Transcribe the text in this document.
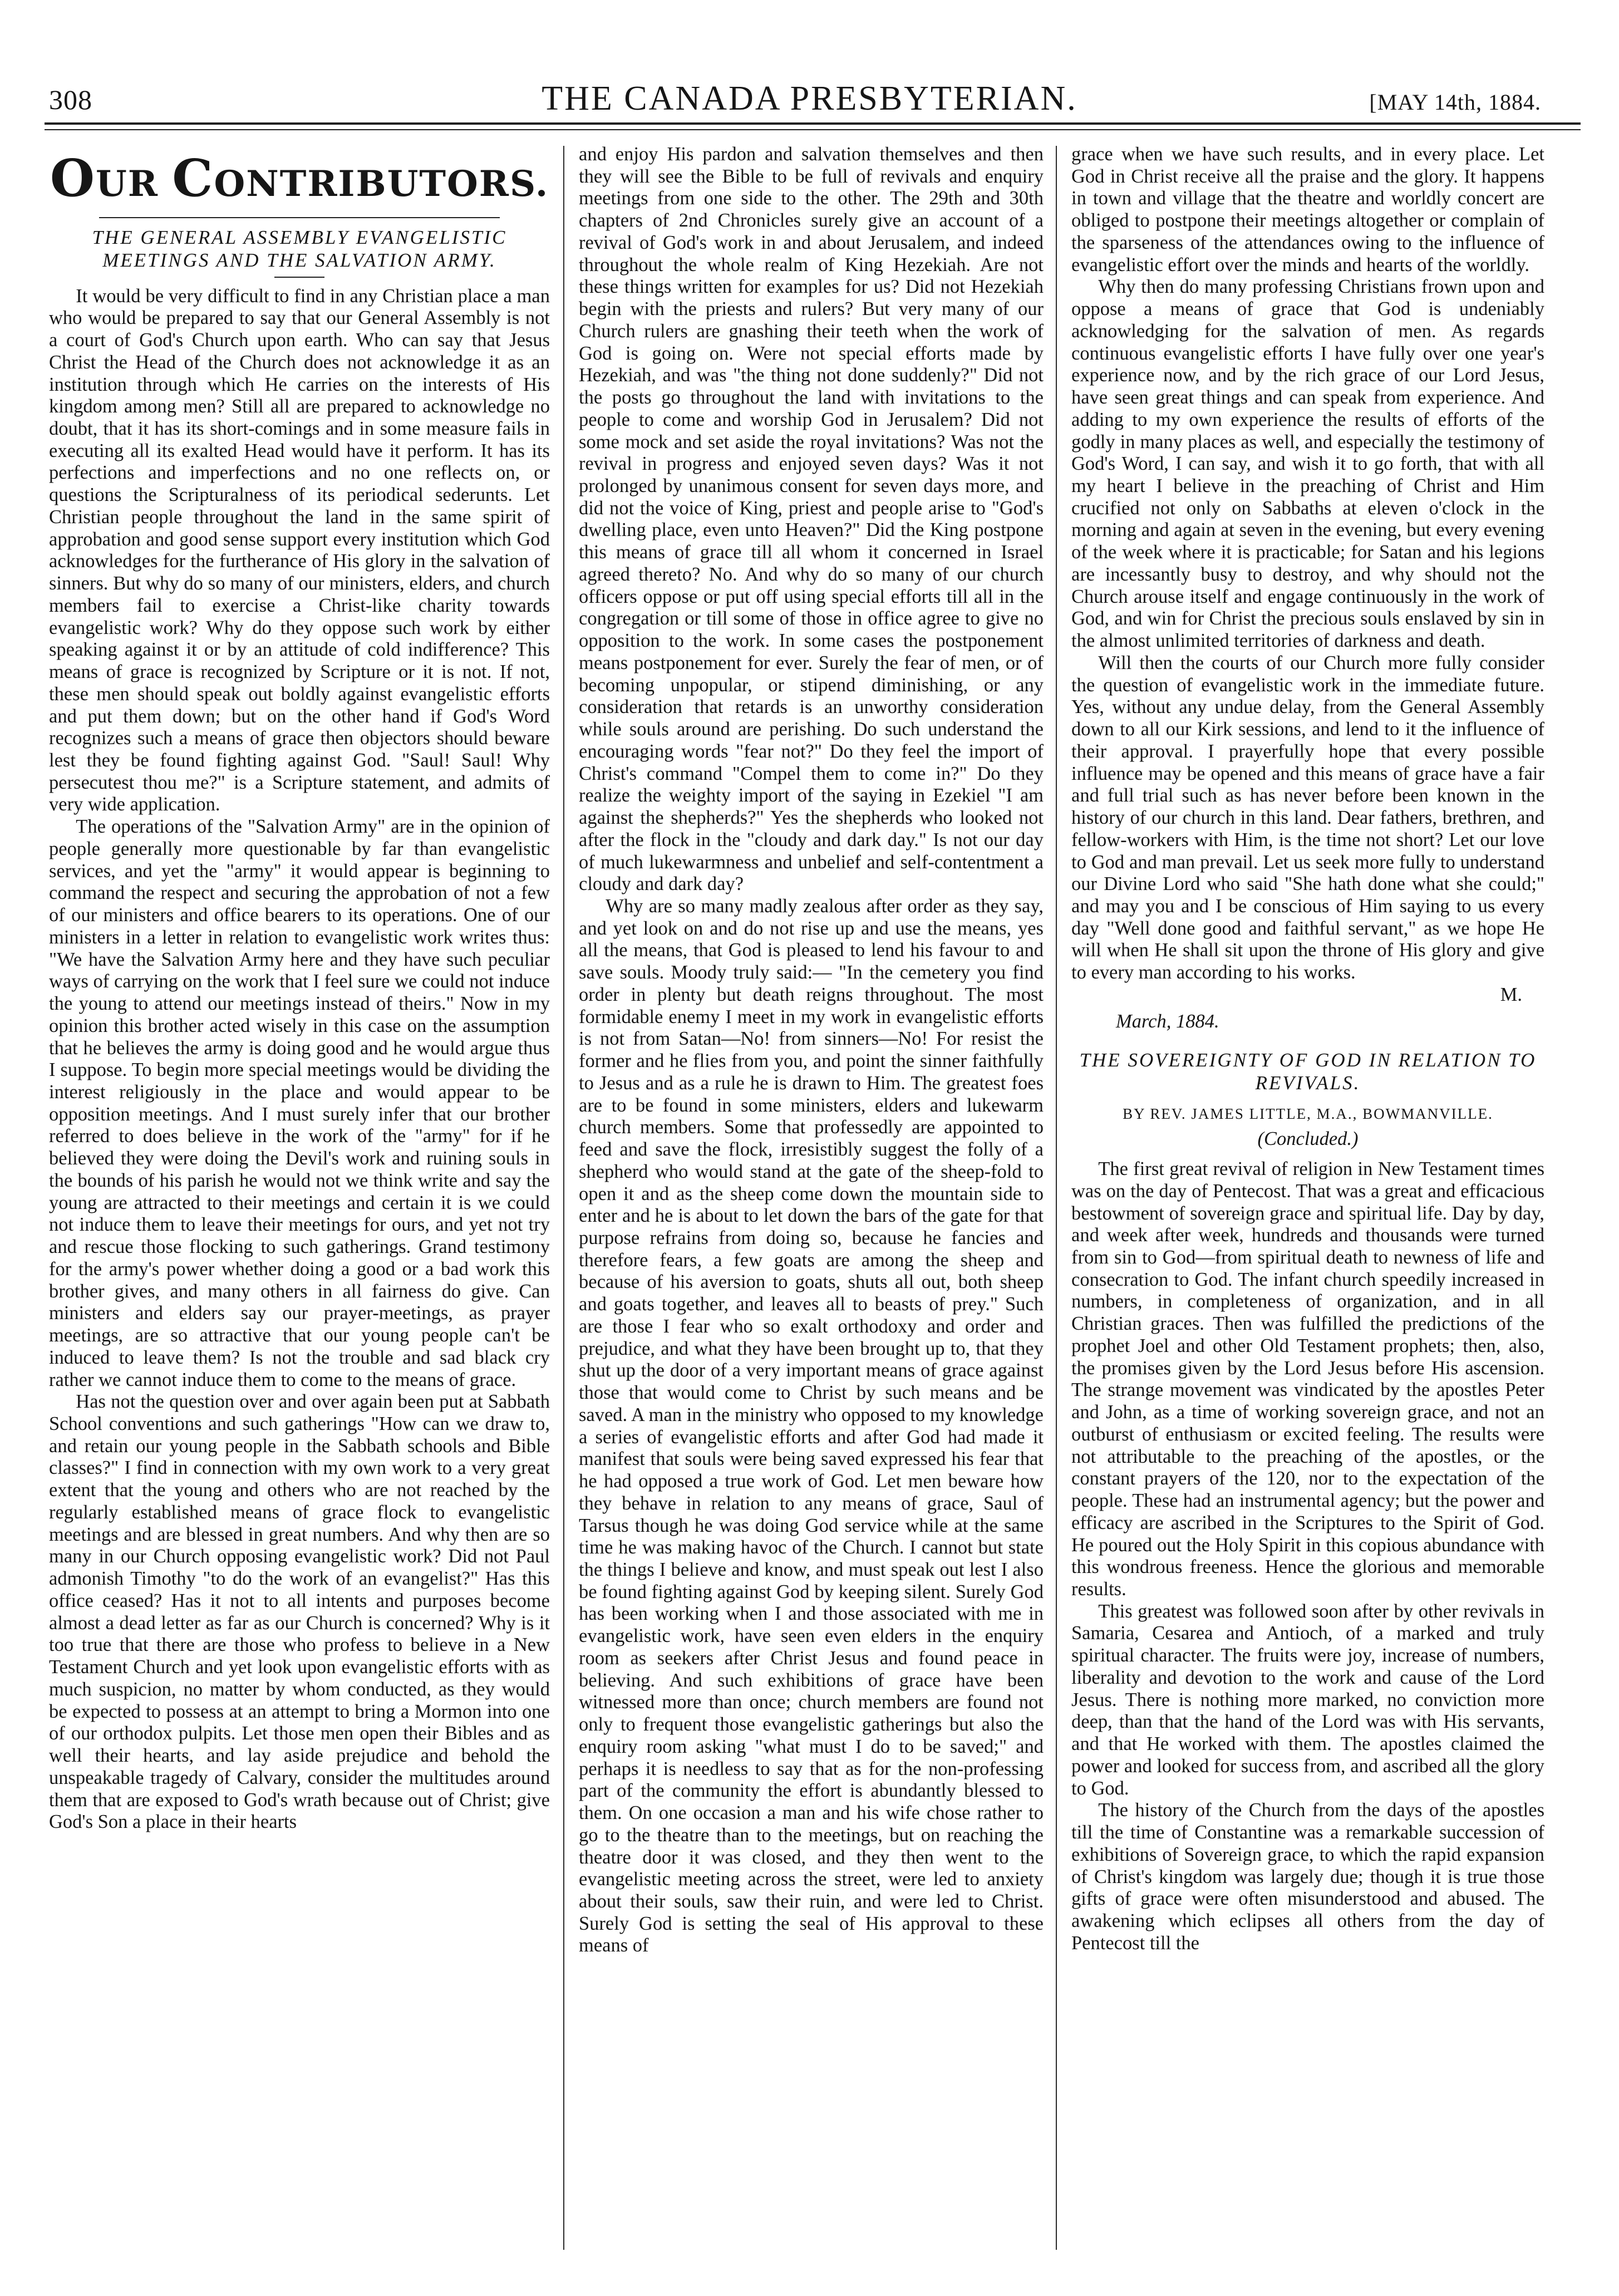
308	THE CANADA PRESBYTERIAN.	[MAY 14th, 1884.
OUR CONTRIBUTORS.
THE GENERAL ASSEMBLY EVANGELISTIC MEETINGS AND THE SALVATION ARMY.

It would be very difficult to find in any Christian place a man who would be prepared to say that our General Assembly is not a court of God's Church upon earth. Who can say that Jesus Christ the Head of the Church does not acknowledge it as an institution through which He carries on the interests of His kingdom among men? Still all are prepared to acknowledge no doubt, that it has its short-comings and in some measure fails in executing all its exalted Head would have it perform. It has its perfections and imperfections and no one reflects on, or questions the Scripturalness of its periodical sederunts. Let Christian people throughout the land in the same spirit of approbation and good sense support every institution which God acknowledges for the furtherance of His glory in the salvation of sinners. But why do so many of our ministers, elders, and church members fail to exercise a Christ-like charity towards evangelistic work? Why do they oppose such work by either speaking against it or by an attitude of cold indifference? This means of grace is recognized by Scripture or it is not. If not, these men should speak out boldly against evangelistic efforts and put them down; but on the other hand if God's Word recognizes such a means of grace then objectors should beware lest they be found fighting against God. "Saul! Saul! Why persecutest thou me?" is a Scripture statement, and admits of very wide application.

The operations of the "Salvation Army" are in the opinion of people generally more questionable by far than evangelistic services, and yet the "army" it would appear is beginning to command the respect and securing the approbation of not a few of our ministers and office bearers to its operations. One of our ministers in a letter in relation to evangelistic work writes thus: "We have the Salvation Army here and they have such peculiar ways of carrying on the work that I feel sure we could not induce the young to attend our meetings instead of theirs." Now in my opinion this brother acted wisely in this case on the assumption that he believes the army is doing good and he would argue thus I suppose. To begin more special meetings would be dividing the interest religiously in the place and would appear to be opposition meetings. And I must surely infer that our brother referred to does believe in the work of the "army" for if he believed they were doing the Devil's work and ruining souls in the bounds of his parish he would not we think write and say the young are attracted to their meetings and certain it is we could not induce them to leave their meetings for ours, and yet not try and rescue those flocking to such gatherings. Grand testimony for the army's power whether doing a good or a bad work this brother gives, and many others in all fairness do give. Can ministers and elders say our prayer-meetings, as prayer meetings, are so attractive that our young people can't be induced to leave them? Is not the trouble and sad black cry rather we cannot induce them to come to the means of grace.

Has not the question over and over again been put at Sabbath School conventions and such gatherings "How can we draw to, and retain our young people in the Sabbath schools and Bible classes?" I find in connection with my own work to a very great extent that the young and others who are not reached by the regularly established means of grace flock to evangelistic meetings and are blessed in great numbers. And why then are so many in our Church opposing evangelistic work? Did not Paul admonish Timothy "to do the work of an evangelist?" Has this office ceased? Has it not to all intents and purposes become almost a dead letter as far as our Church is concerned? Why is it too true that there are those who profess to believe in a New Testament Church and yet look upon evangelistic efforts with as much suspicion, no matter by whom conducted, as they would be expected to possess at an attempt to bring a Mormon into one of our orthodox pulpits. Let those men open their Bibles and as well their hearts, and lay aside prejudice and behold the unspeakable tragedy of Calvary, consider the multitudes around them that are exposed to God's wrath because out of Christ; give God's Son a place in their hearts

and enjoy His pardon and salvation themselves and then they will see the Bible to be full of revivals and enquiry meetings from one side to the other. The 29th and 30th chapters of 2nd Chronicles surely give an account of a revival of God's work in and about Jerusalem, and indeed throughout the whole realm of King Hezekiah. Are not these things written for examples for us? Did not Hezekiah begin with the priests and rulers? But very many of our Church rulers are gnashing their teeth when the work of God is going on. Were not special efforts made by Hezekiah, and was "the thing not done suddenly?" Did not the posts go throughout the land with invitations to the people to come and worship God in Jerusalem? Did not some mock and set aside the royal invitations? Was not the revival in progress and enjoyed seven days? Was it not prolonged by unanimous consent for seven days more, and did not the voice of King, priest and people arise to "God's dwelling place, even unto Heaven?" Did the King postpone this means of grace till all whom it concerned in Israel agreed thereto? No. And why do so many of our church officers oppose or put off using special efforts till all in the congregation or till some of those in office agree to give no opposition to the work. In some cases the postponement means postponement for ever. Surely the fear of men, or of becoming unpopular, or stipend diminishing, or any consideration that retards is an unworthy consideration while souls around are perishing. Do such understand the encouraging words "fear not?" Do they feel the import of Christ's command "Compel them to come in?" Do they realize the weighty import of the saying in Ezekiel "I am against the shepherds?" Yes the shepherds who looked not after the flock in the "cloudy and dark day." Is not our day of much lukewarmness and unbelief and self-contentment a cloudy and dark day?

Why are so many madly zealous after order as they say, and yet look on and do not rise up and use the means, yes all the means, that God is pleased to lend his favour to and save souls. Moody truly said:— "In the cemetery you find order in plenty but death reigns throughout. The most formidable enemy I meet in my work in evangelistic efforts is not from Satan—No! from sinners—No! For resist the former and he flies from you, and point the sinner faithfully to Jesus and as a rule he is drawn to Him. The greatest foes are to be found in some ministers, elders and lukewarm church members. Some that professedly are appointed to feed and save the flock, irresistibly suggest the folly of a shepherd who would stand at the gate of the sheep-fold to open it and as the sheep come down the mountain side to enter and he is about to let down the bars of the gate for that purpose refrains from doing so, because he fancies and therefore fears, a few goats are among the sheep and because of his aversion to goats, shuts all out, both sheep and goats together, and leaves all to beasts of prey." Such are those I fear who so exalt orthodoxy and order and prejudice, and what they have been brought up to, that they shut up the door of a very important means of grace against those that would come to Christ by such means and be saved. A man in the ministry who opposed to my knowledge a series of evangelistic efforts and after God had made it manifest that souls were being saved expressed his fear that he had opposed a true work of God. Let men beware how they behave in relation to any means of grace, Saul of Tarsus though he was doing God service while at the same time he was making havoc of the Church. I cannot but state the things I believe and know, and must speak out lest I also be found fighting against God by keeping silent. Surely God has been working when I and those associated with me in evangelistic work, have seen even elders in the enquiry room as seekers after Christ Jesus and found peace in believing. And such exhibitions of grace have been witnessed more than once; church members are found not only to frequent those evangelistic gatherings but also the enquiry room asking "what must I do to be saved;" and perhaps it is needless to say that as for the non-professing part of the community the effort is abundantly blessed to them. On one occasion a man and his wife chose rather to go to the theatre than to the meetings, but on reaching the theatre door it was closed, and they then went to the evangelistic meeting across the street, were led to anxiety about their souls, saw their ruin, and were led to Christ. Surely God is setting the seal of His approval to these means of

grace when we have such results, and in every place. Let God in Christ receive all the praise and the glory. It happens in town and village that the theatre and worldly concert are obliged to postpone their meetings altogether or complain of the sparseness of the attendances owing to the influence of evangelistic effort over the minds and hearts of the worldly.

Why then do many professing Christians frown upon and oppose a means of grace that God is undeniably acknowledging for the salvation of men. As regards continuous evangelistic efforts I have fully over one year's experience now, and by the rich grace of our Lord Jesus, have seen great things and can speak from experience. And adding to my own experience the results of efforts of the godly in many places as well, and especially the testimony of God's Word, I can say, and wish it to go forth, that with all my heart I believe in the preaching of Christ and Him crucified not only on Sabbaths at eleven o'clock in the morning and again at seven in the evening, but every evening of the week where it is practicable; for Satan and his legions are incessantly busy to destroy, and why should not the Church arouse itself and engage continuously in the work of God, and win for Christ the precious souls enslaved by sin in the almost unlimited territories of darkness and death.

Will then the courts of our Church more fully consider the question of evangelistic work in the immediate future. Yes, without any undue delay, from the General Assembly down to all our Kirk sessions, and lend to it the influence of their approval. I prayerfully hope that every possible influence may be opened and this means of grace have a fair and full trial such as has never before been known in the history of our church in this land. Dear fathers, brethren, and fellow-workers with Him, is the time not short? Let our love to God and man prevail. Let us seek more fully to understand our Divine Lord who said "She hath done what she could;" and may you and I be conscious of Him saying to us every day "Well done good and faithful servant," as we hope He will when He shall sit upon the throne of His glory and give to every man according to his works.

M.
March, 1884.
THE SOVEREIGNTY OF GOD IN RELATION TO REVIVALS.
BY REV. JAMES LITTLE, M.A., BOWMANVILLE.
(Concluded.)

The first great revival of religion in New Testament times was on the day of Pentecost. That was a great and efficacious bestowment of sovereign grace and spiritual life. Day by day, and week after week, hundreds and thousands were turned from sin to God—from spiritual death to newness of life and consecration to God. The infant church speedily increased in numbers, in completeness of organization, and in all Christian graces. Then was fulfilled the predictions of the prophet Joel and other Old Testament prophets; then, also, the promises given by the Lord Jesus before His ascension. The strange movement was vindicated by the apostles Peter and John, as a time of working sovereign grace, and not an outburst of enthusiasm or excited feeling. The results were not attributable to the preaching of the apostles, or the constant prayers of the 120, nor to the expectation of the people. These had an instrumental agency; but the power and efficacy are ascribed in the Scriptures to the Spirit of God. He poured out the Holy Spirit in this copious abundance with this wondrous freeness. Hence the glorious and memorable results.

This greatest was followed soon after by other revivals in Samaria, Cesarea and Antioch, of a marked and truly spiritual character. The fruits were joy, increase of numbers, liberality and devotion to the work and cause of the Lord Jesus. There is nothing more marked, no conviction more deep, than that the hand of the Lord was with His servants, and that He worked with them. The apostles claimed the power and looked for success from, and ascribed all the glory to God.

The history of the Church from the days of the apostles till the time of Constantine was a remarkable succession of exhibitions of Sovereign grace, to which the rapid expansion of Christ's kingdom was largely due; though it is true those gifts of grace were often misunderstood and abused. The awakening which eclipses all others from the day of Pentecost till the
